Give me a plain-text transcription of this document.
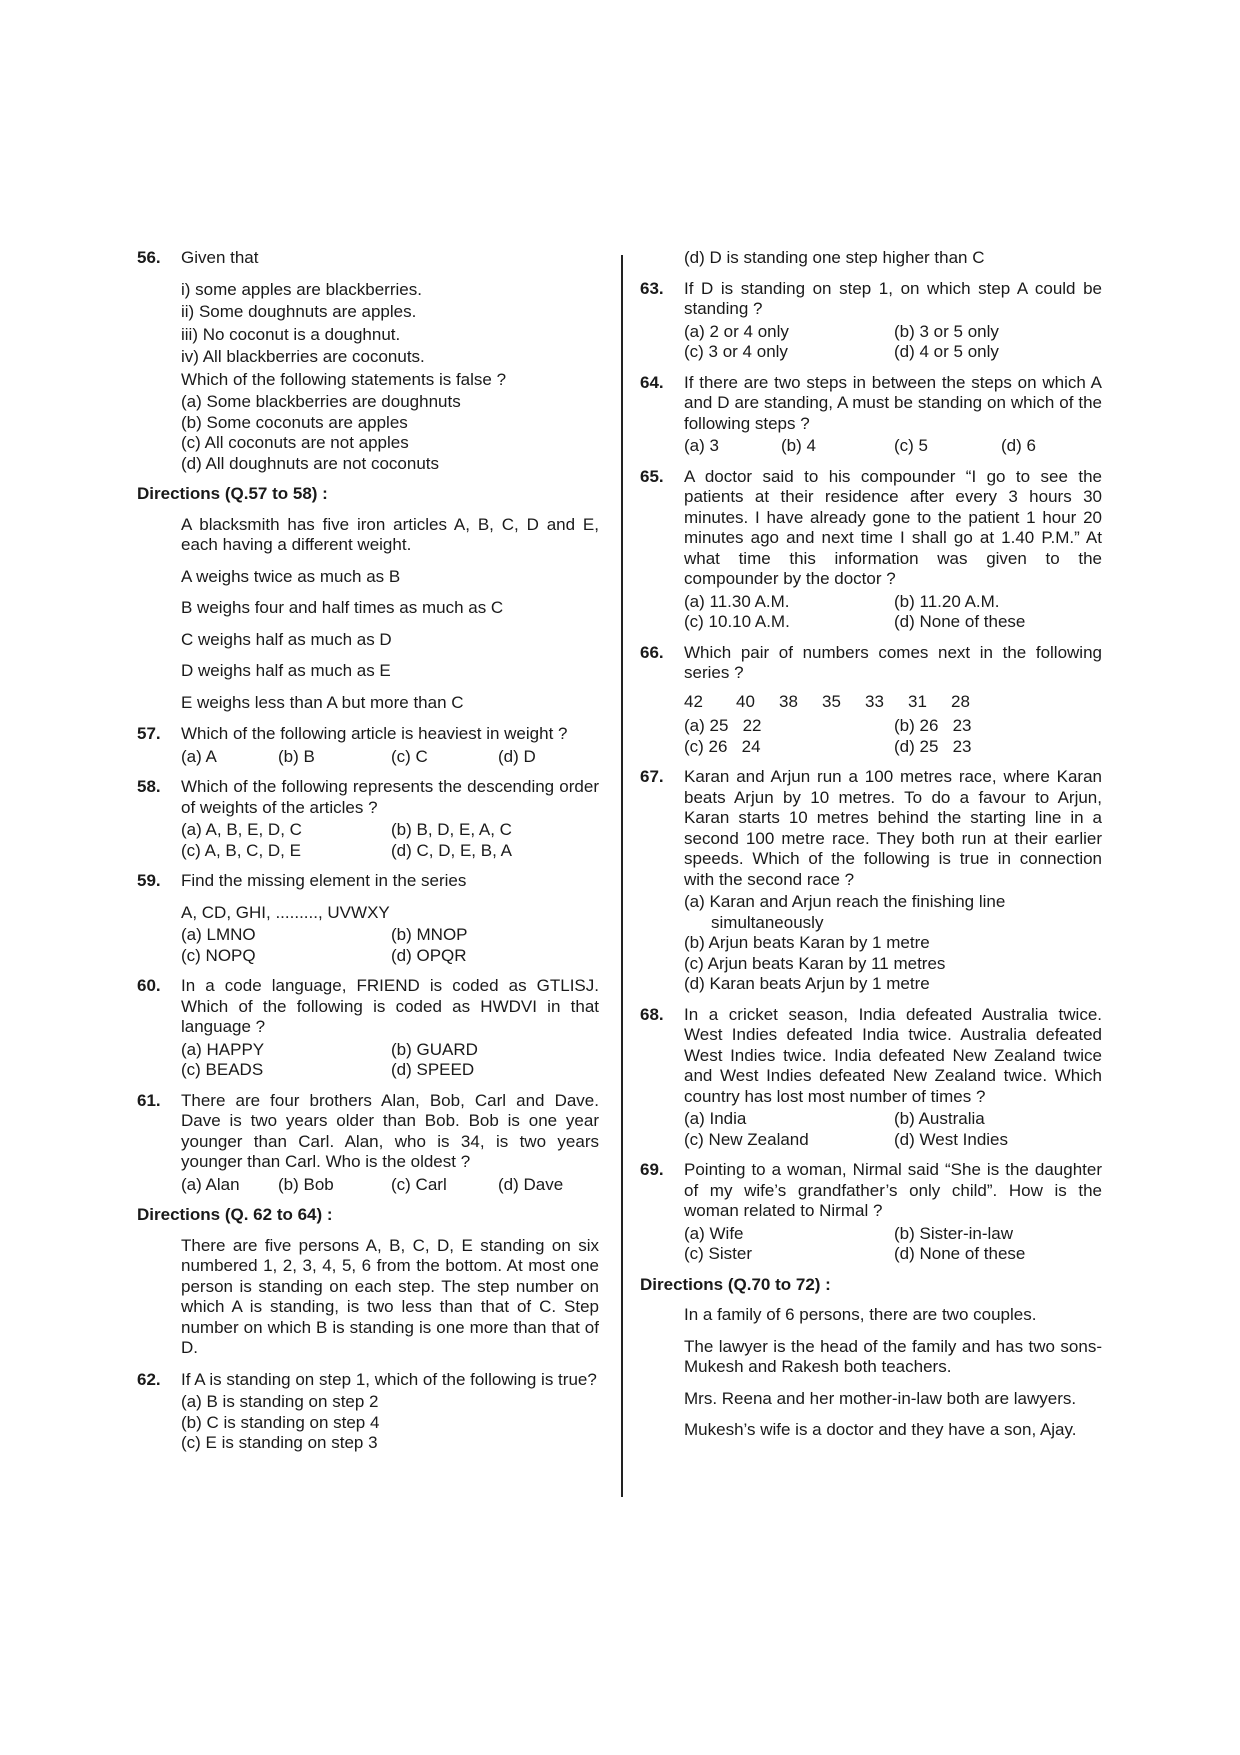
56. Given that

i) some apples are blackberries.

ii) Some doughnuts are apples.

iii) No coconut is a doughnut.

iv) All blackberries are coconuts.

Which of the following statements is false ?

(a) Some blackberries are doughnuts
(b) Some coconuts are apples
(c) All coconuts are not apples
(d) All doughnuts are not coconuts
Directions (Q.57 to 58) :

A blacksmith has five iron articles A, B, C, D and E, each having a different weight.

A weighs twice as much as B

B weighs four and half times as much as C

C weighs half as much as D

D weighs half as much as E

E weighs less than A but more than C

57. Which of the following article is heaviest in weight ?

(a) A	(b) B	(c) C	(d) D
58. Which of the following represents the descending order of weights of the articles ?

(a) A, B, E, D, C	(b) B, D, E, A, C
(c) A, B, C, D, E	(d) C, D, E, B, A
59. Find the missing element in the series

A, CD, GHI, ........., UVWXY

(a) LMNO	(b) MNOP
(c) NOPQ	(d) OPQR
60. In a code language, FRIEND is coded as GTLISJ. Which of the following is coded as HWDVI in that language ?

(a) HAPPY	(b) GUARD
(c) BEADS	(d) SPEED
61. There are four brothers Alan, Bob, Carl and Dave. Dave is two years older than Bob. Bob is one year younger than Carl. Alan, who is 34, is two years younger than Carl. Who is the oldest ?

(a) Alan	(b) Bob	(c) Carl	(d) Dave
Directions (Q. 62 to 64) :

There are five persons A, B, C, D, E standing on six numbered 1, 2, 3, 4, 5, 6 from the bottom. At most one person is standing on each step. The step number on which A is standing, is two less than that of C. Step number on which B is standing is one more than that of D.

62. If A is standing on step 1, which of the following is true?

(a) B is standing on step 2
(b) C is standing on step 4
(c) E is standing on step 3
(d) D is standing one step higher than C
63. If D is standing on step 1, on which step A could be standing ?

(a) 2 or 4 only	(b) 3 or 5 only
(c) 3 or 4 only	(d) 4 or 5 only
64. If there are two steps in between the steps on which A and D are standing, A must be standing on which of the following steps ?

(a) 3	(b) 4	(c) 5	(d) 6
65. A doctor said to his compounder “I go to see the patients at their residence after every 3 hours 30 minutes. I have already gone to the patient 1 hour 20 minutes ago and next time I shall go at 1.40 P.M.” At what time this information was given to the compounder by the doctor ?

(a) 11.30 A.M.	(b) 11.20 A.M.
(c) 10.10 A.M.	(d) None of these
66. Which pair of numbers comes next in the following series ?

42	40	38	35	33	31	28
(a) 25   22	(b) 26   23
(c) 26   24	(d) 25   23
67. Karan and Arjun run a 100 metres race, where Karan beats Arjun by 10 metres. To do a favour to Arjun, Karan starts 10 metres behind the starting line in a second 100 metre race. They both run at their earlier speeds. Which of the following is true in connection with the second race ?

(a) Karan and Arjun reach the finishing line simultaneously
(b) Arjun beats Karan by 1 metre
(c) Arjun beats Karan by 11 metres
(d) Karan beats Arjun by 1 metre
68. In a cricket season, India defeated Australia twice. West Indies defeated India twice. Australia defeated West Indies twice. India defeated New Zealand twice and West Indies defeated New Zealand twice. Which country has lost most number of times ?

(a) India	(b) Australia
(c) New Zealand	(d) West Indies
69. Pointing to a woman, Nirmal said “She is the daughter of my wife’s grandfather’s only child”. How is the woman related to Nirmal ?

(a) Wife	(b) Sister-in-law
(c) Sister	(d) None of these
Directions (Q.70 to 72) :

In a family of 6 persons, there are two couples.

The lawyer is the head of the family and has two sons-Mukesh and Rakesh both teachers.

Mrs. Reena and her mother-in-law both are lawyers.

Mukesh’s wife is a doctor and they have a son, Ajay.
